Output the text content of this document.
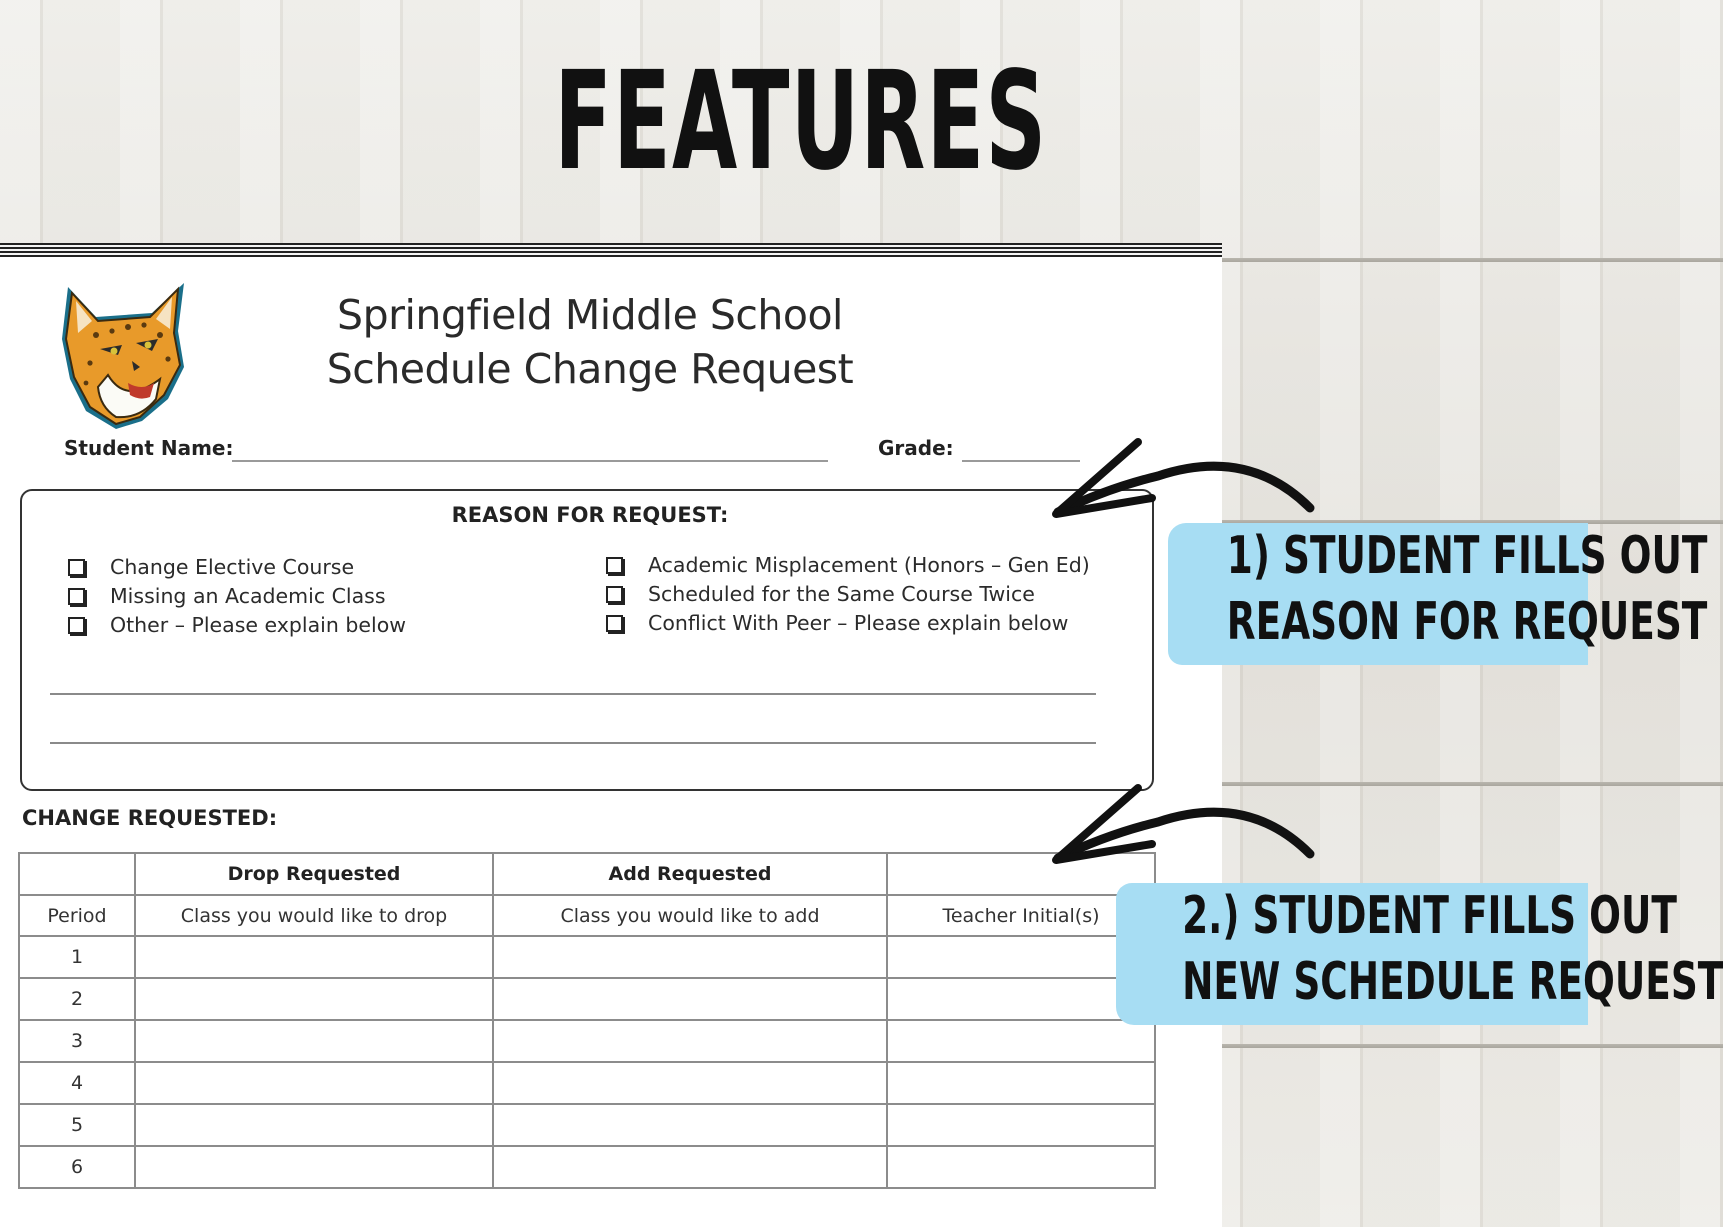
FEATURES
Springfield Middle School
Schedule Change Request
Student Name:	Grade:
REASON FOR REQUEST:
Change Elective Course
Missing an Academic Class
Other – Please explain below
Academic Misplacement (Honors – Gen Ed)
Scheduled for the Same Course Twice
Conflict With Peer – Please explain below
CHANGE REQUESTED:
	Drop Requested	Add Requested	
Period	Class you would like to drop	Class you would like to add	Teacher Initial(s)
1			
2			
3			
4			
5			
6			
1) STUDENT FILLS OUT
REASON FOR REQUEST
2.) STUDENT FILLS OUT
NEW SCHEDULE REQUEST
